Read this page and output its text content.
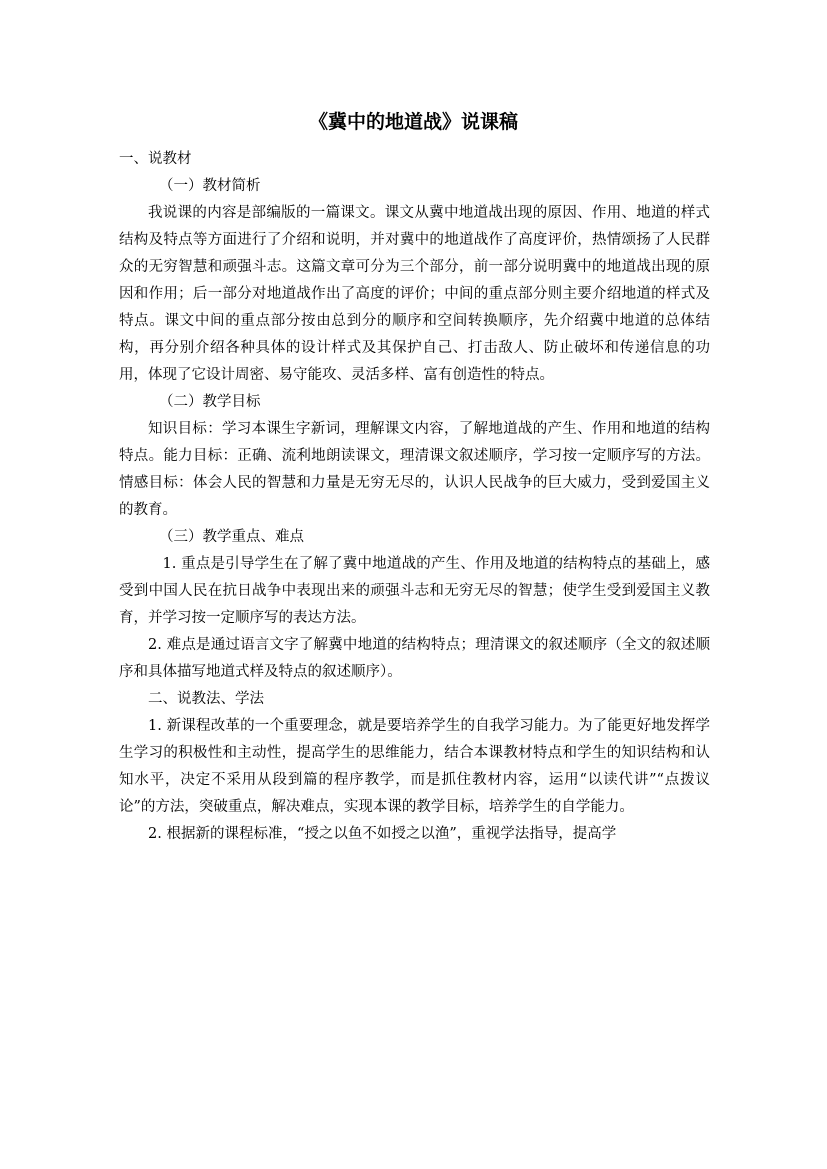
《冀中的地道战》说课稿

一、说教材

（一）教材简析

我说课的内容是部编版的一篇课文。课文从冀中地道战出现的原因、作用、地道的样式结构及特点等方面进行了介绍和说明，并对冀中的地道战作了高度评价，热情颂扬了人民群众的无穷智慧和顽强斗志。这篇文章可分为三个部分，前一部分说明冀中的地道战出现的原因和作用；后一部分对地道战作出了高度的评价；中间的重点部分则主要介绍地道的样式及特点。课文中间的重点部分按由总到分的顺序和空间转换顺序，先介绍冀中地道的总体结构，再分别介绍各种具体的设计样式及其保护自己、打击敌人、防止破坏和传递信息的功用，体现了它设计周密、易守能攻、灵活多样、富有创造性的特点。

（二）教学目标

知识目标：学习本课生字新词，理解课文内容，了解地道战的产生、作用和地道的结构特点。能力目标：正确、流利地朗读课文，理清课文叙述顺序，学习按一定顺序写的方法。情感目标：体会人民的智慧和力量是无穷无尽的，认识人民战争的巨大威力，受到爱国主义的教育。

（三）教学重点、难点

1. 重点是引导学生在了解了冀中地道战的产生、作用及地道的结构特点的基础上，感受到中国人民在抗日战争中表现出来的顽强斗志和无穷无尽的智慧；使学生受到爱国主义教育，并学习按一定顺序写的表达方法。

2. 难点是通过语言文字了解冀中地道的结构特点；理清课文的叙述顺序（全文的叙述顺序和具体描写地道式样及特点的叙述顺序）。

二、说教法、学法

1. 新课程改革的一个重要理念，就是要培养学生的自我学习能力。为了能更好地发挥学生学习的积极性和主动性，提高学生的思维能力，结合本课教材特点和学生的知识结构和认知水平，决定不采用从段到篇的程序教学，而是抓住教材内容，运用“以读代讲”“点拨议论”的方法，突破重点，解决难点，实现本课的教学目标，培养学生的自学能力。

2. 根据新的课程标准，“授之以鱼不如授之以渔”，重视学法指导，提高学
